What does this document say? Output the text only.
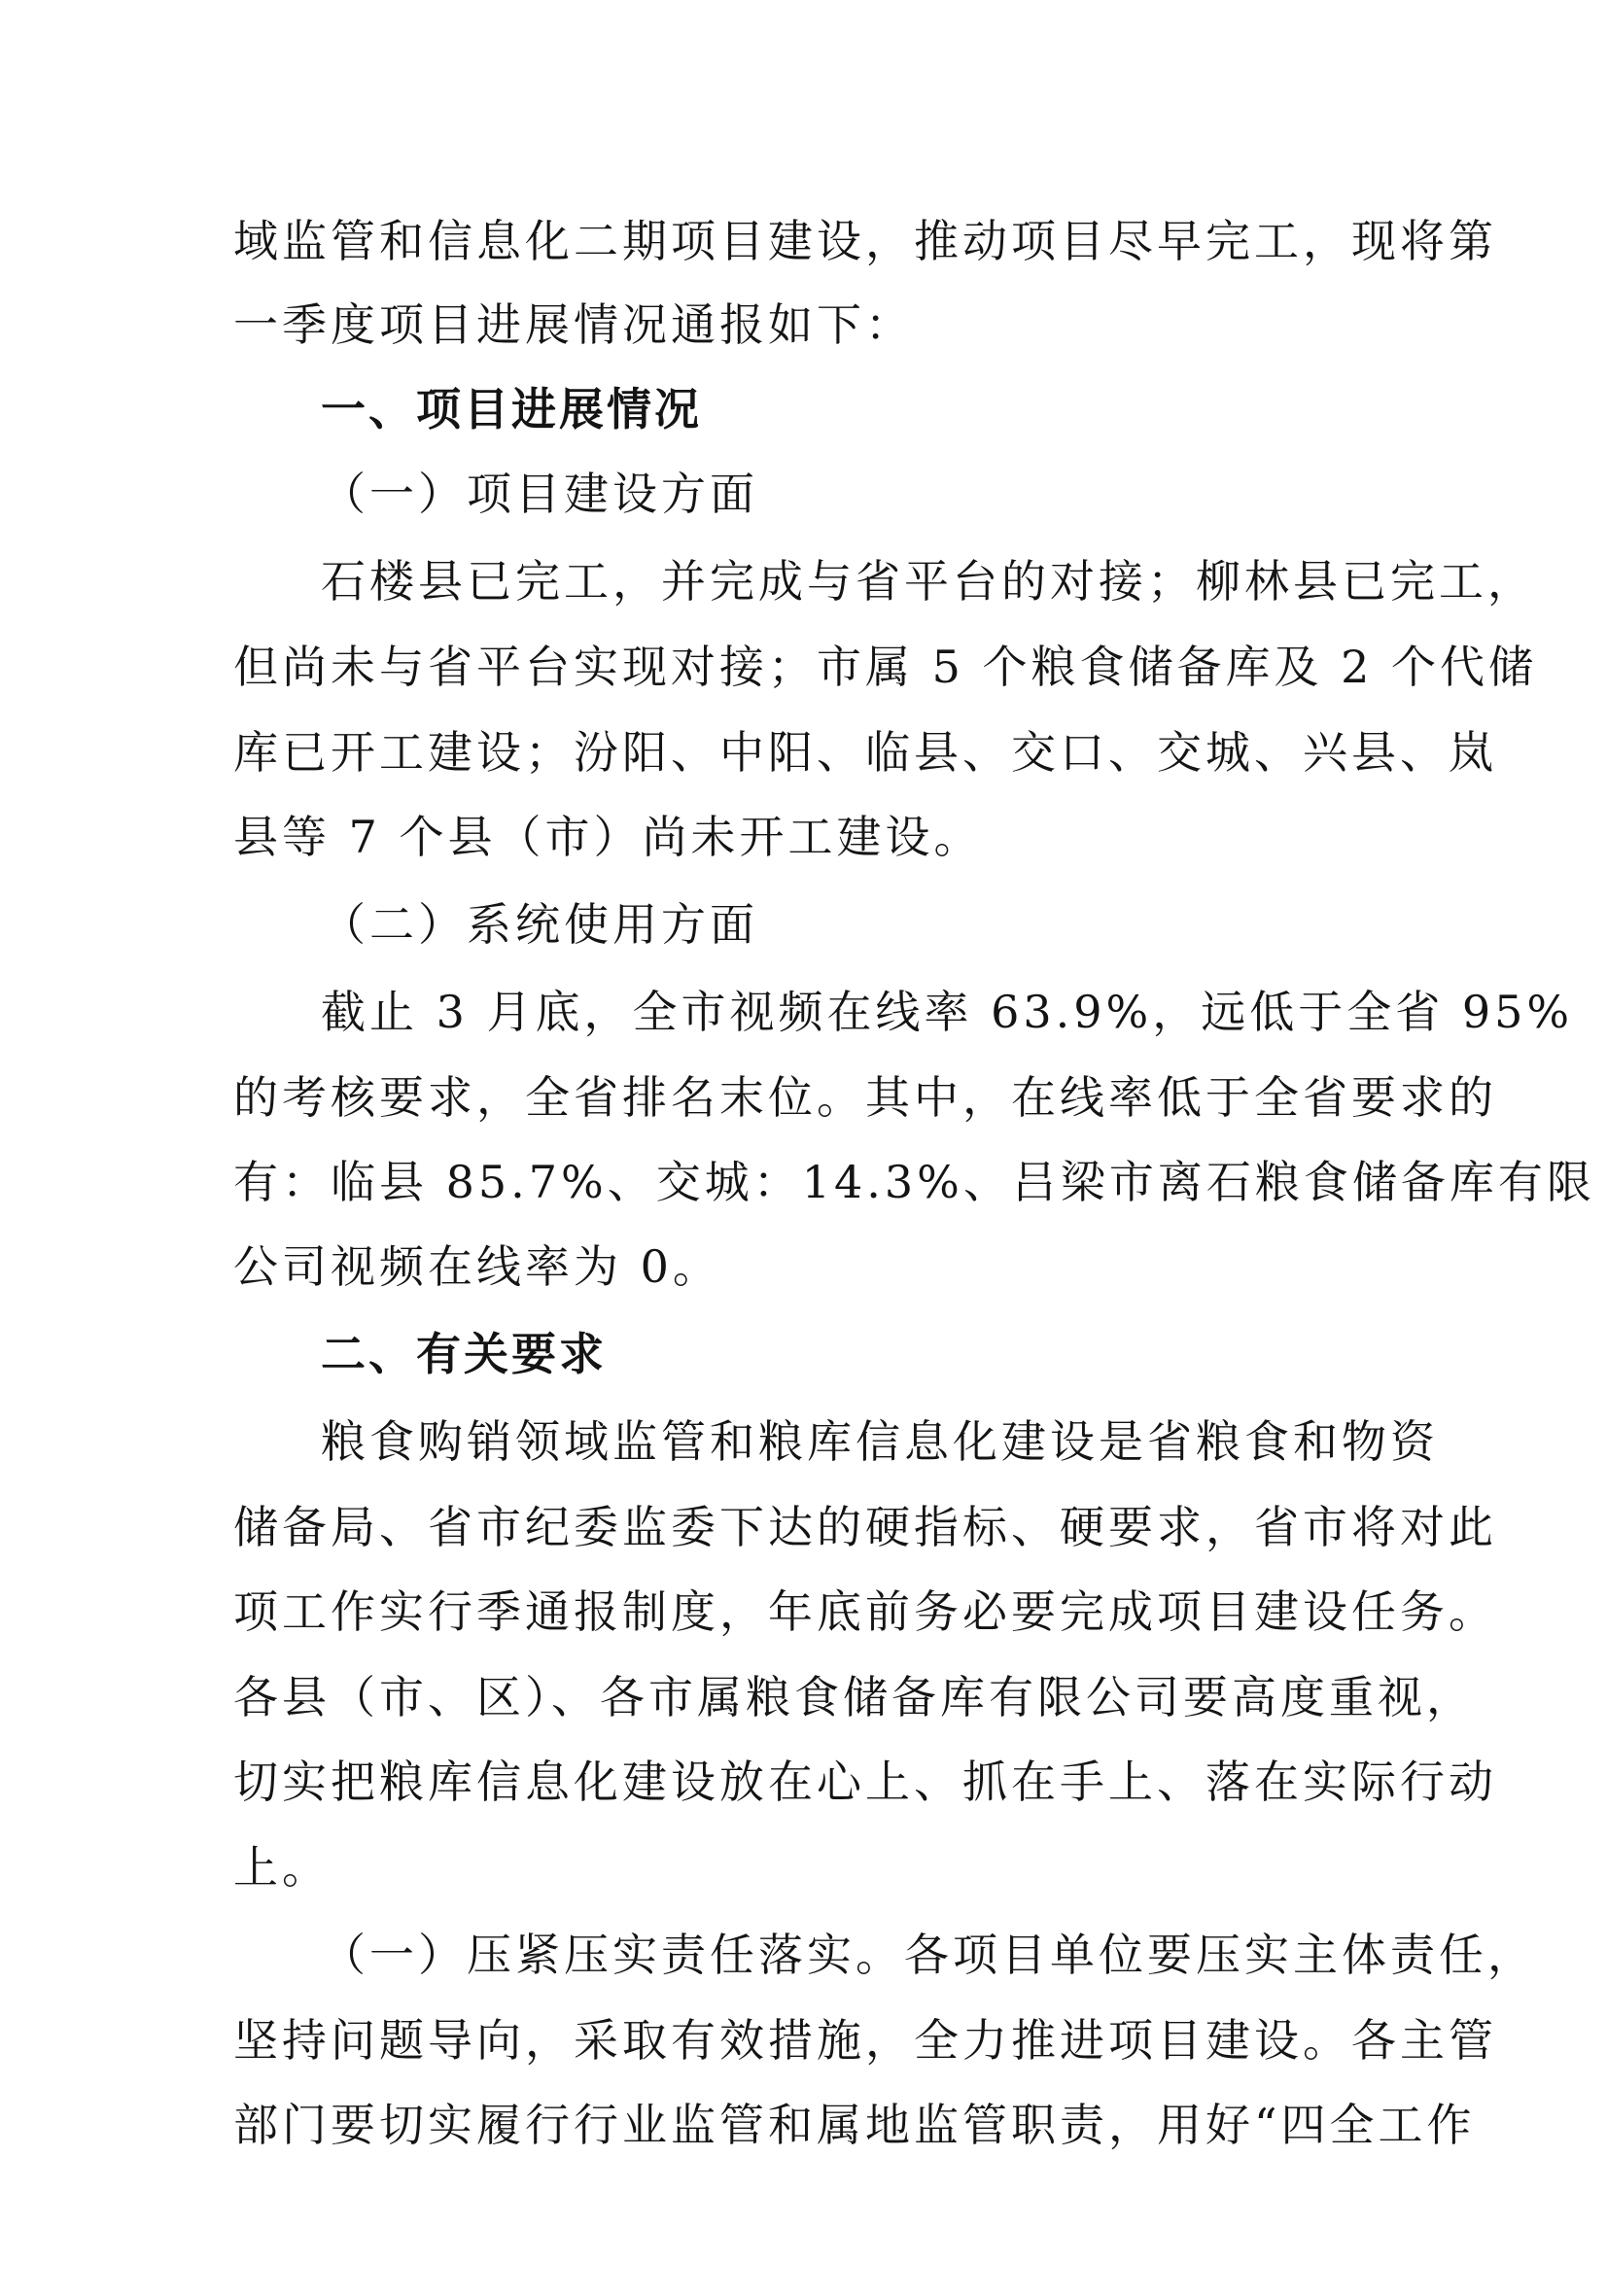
域监管和信息化二期项目建设，推动项目尽早完工，现将第
一季度项目进展情况通报如下：
一、项目进展情况
（一）项目建设方面
石楼县已完工，并完成与省平台的对接；柳林县已完工，
但尚未与省平台实现对接；市属 5 个粮食储备库及 2 个代储
库已开工建设；汾阳、中阳、临县、交口、交城、兴县、岚
县等 7 个县（市）尚未开工建设。
（二）系统使用方面
截止 3 月底，全市视频在线率 63.9%，远低于全省 95%
的考核要求，全省排名末位。其中，在线率低于全省要求的
有：临县 85.7%、交城：14.3%、吕梁市离石粮食储备库有限
公司视频在线率为 0。
二、有关要求
粮食购销领域监管和粮库信息化建设是省粮食和物资
储备局、省市纪委监委下达的硬指标、硬要求，省市将对此
项工作实行季通报制度，年底前务必要完成项目建设任务。
各县（市、区）、各市属粮食储备库有限公司要高度重视，
切实把粮库信息化建设放在心上、抓在手上、落在实际行动
上。
（一）压紧压实责任落实。各项目单位要压实主体责任，
坚持问题导向，采取有效措施，全力推进项目建设。各主管
部门要切实履行行业监管和属地监管职责，用好“四全工作
